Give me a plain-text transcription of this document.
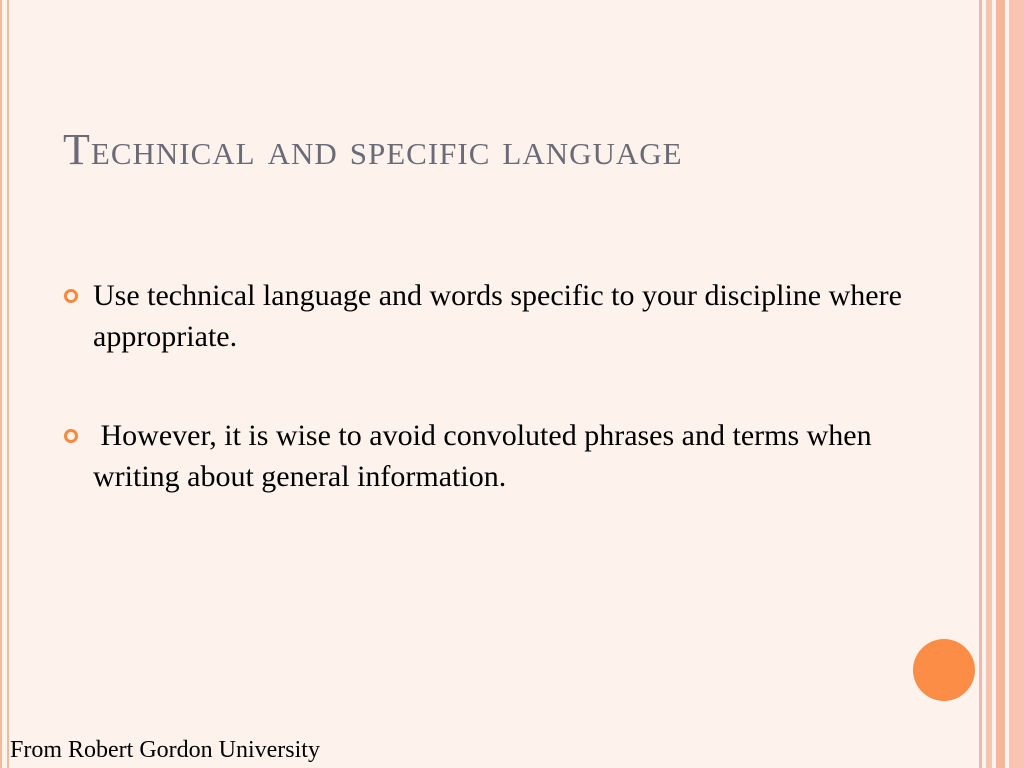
Technical and specific language
Use technical language and words specific to your discipline where appropriate.
However, it is wise to avoid convoluted phrases and terms when writing about general information.
From Robert Gordon University
